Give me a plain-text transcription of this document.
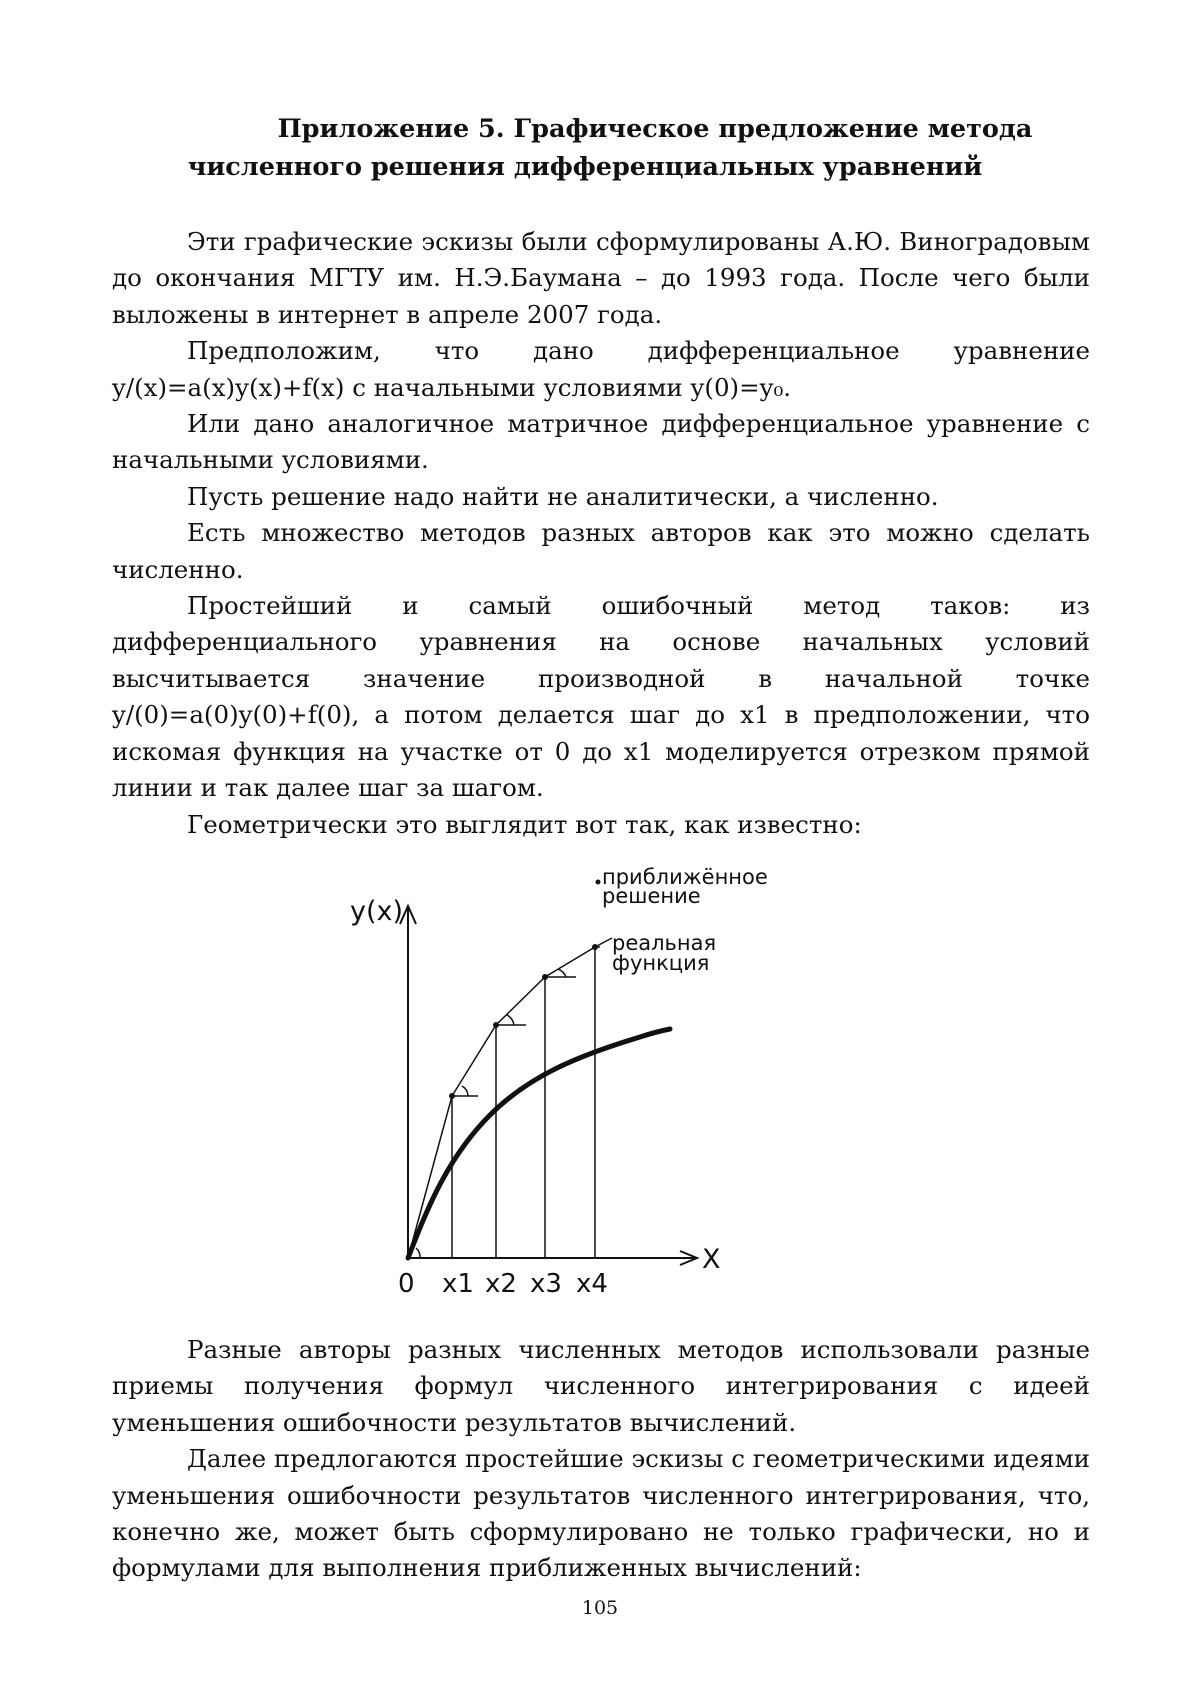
Приложение 5. Графическое предложение метода
численного решения дифференциальных уравнений

Эти графические эскизы были сформулированы А.Ю. Виноградовым до окончания МГТУ им. Н.Э.Баумана – до 1993 года. После чего были выложены в интернет в апреле 2007 года.

Предположим, что дано дифференциальное уравнение y/(x)=a(x)y(x)+f(x) с начальными условиями y(0)=y₀.

Или дано аналогичное матричное дифференциальное уравнение с начальными условиями.

Пусть решение надо найти не аналитически, а численно.

Есть множество методов разных авторов как это можно сделать численно.

Простейший и самый ошибочный метод таков: из дифференциального уравнения на основе начальных условий высчитывается значение производной в начальной точке y/(0)=a(0)y(0)+f(0), а потом делается шаг до x1 в предположении, что искомая функция на участке от 0 до x1 моделируется отрезком прямой линии и так далее шаг за шагом.

Геометрически это выглядит вот так, как известно:

y(x)
X
0 x1 x2 x3 x4
приближённое
решение
реальная
функция

Разные авторы разных численных методов использовали разные приемы получения формул численного интегрирования с идеей уменьшения ошибочности результатов вычислений.

Далее предлогаются простейшие эскизы с геометрическими идеями уменьшения ошибочности результатов численного интегрирования, что, конечно же, может быть сформулировано не только графически, но и формулами для выполнения приближенных вычислений:

105
